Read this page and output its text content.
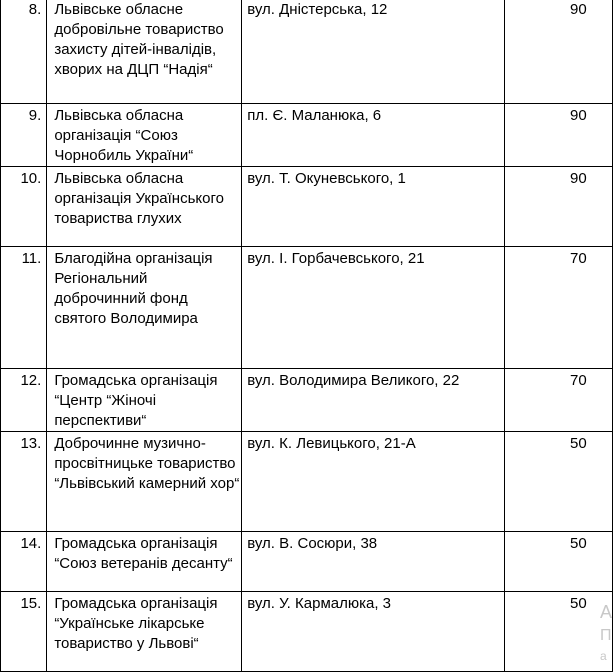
8.	Львівське обласне добровільне товариство захисту дітей-інвалідів, хворих на ДЦП “Надія“	вул. Дністерська, 12	90
9.	Львівська обласна організація “Союз Чорнобиль України“	пл. Є. Маланюка, 6	90
10.	Львівська обласна організація Українського товариства глухих	вул. Т. Окуневського, 1	90
11.	Благодійна організація Регіональний доброчинний фонд святого Володимира	вул. І. Горбачевського, 21	70
12.	Громадська організація “Центр “Жіночі перспективи“	вул. Володимира Великого, 22	70
13.	Доброчинне музично-просвітницьке товариство “Львівський камерний хор“	вул. К. Левицького, 21-А	50
14.	Громадська організація “Союз ветеранів десанту“	вул. В. Сосюри, 38	50
15.	Громадська організація “Українське лікарське товариство у Львові“	вул. У. Кармалюка, 3	50 А
П
а
